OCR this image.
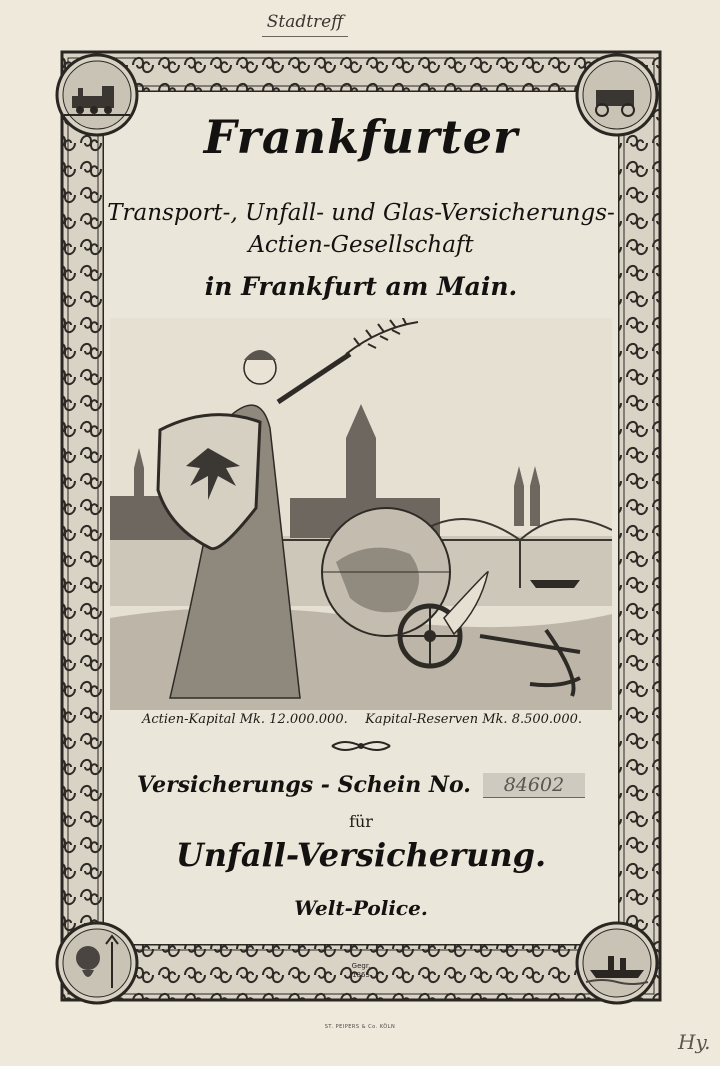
Stadtreff
Frankfurter
Transport-, Unfall- und Glas-Versicherungs-
Actien-Gesellschaft
in Frankfurt am Main.
Actien-Kapital Mk. 12.000.000. Kapital-Reserven Mk. 8.500.000.
Versicherungs - Schein No.	84602
für
Unfall-Versicherung.
Welt-Police.
Gegr.
1865
ST. PEIPERS & Co. KÖLN
Hy.
